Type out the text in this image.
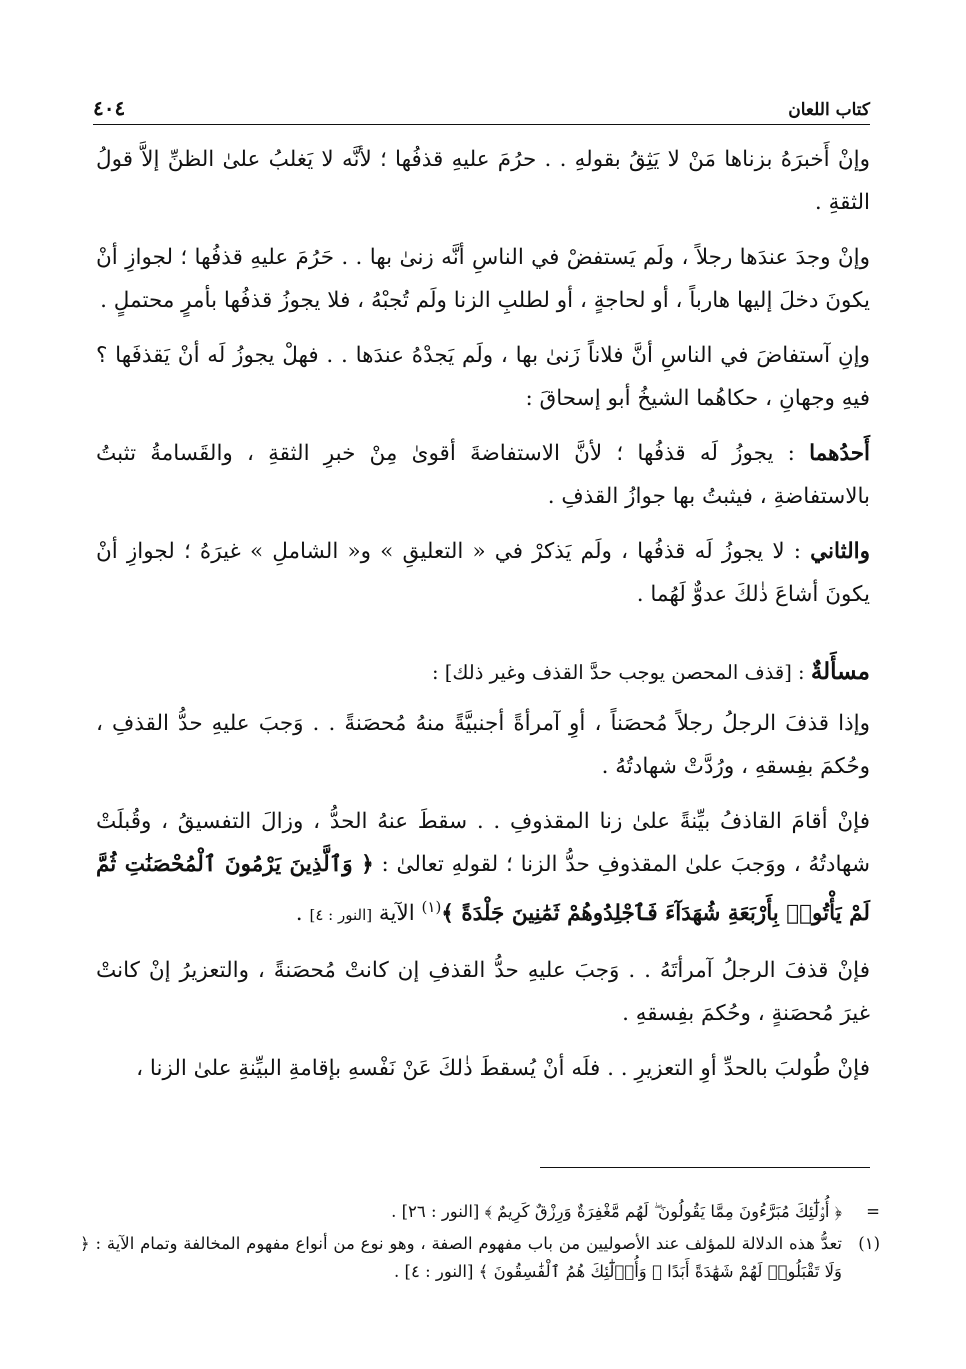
كتاب اللعان
٤٠٤

وإنْ أَخبرَهُ بزناها مَنْ لا يَثِقُ بقولهِ . . حرُمَ عليهِ قذفُها ؛ لأنَّه لا يَغلبُ علىٰ الظنِّ إلاَّ قولُ الثقةِ .

وإنْ وجدَ عندَها رجلاً ، ولَم يَستفضْ في الناسِ أنَّه زنىٰ بها . . حَرُمَ عليهِ قذفُها ؛ لجوازِ أنْ يكونَ دخلَ إليها هارباً ، أو لحاجةٍ ، أو لطلبِ الزنا ولَم تُجبْهُ ، فلا يجوزُ قذفُها بأمرٍ محتملٍ .

وإنِ آستفاضَ في الناسِ أنَّ فلاناً زَنىٰ بها ، ولَم يَجدْهُ عندَها . . فهلْ يجوزُ لَه أنْ يَقذفَها ؟ فيهِ وجهانِ ، حكاهُما الشيخُ أبو إسحاقَ :

أَحدُهما : يجوزُ لَه قذفُها ؛ لأنَّ الاستفاضةَ أقوىٰ مِنْ خبرِ الثقةِ ، والقَسامةُ تثبتُ بالاستفاضةِ ، فيثبتُ بها جوازُ القذفِ .

والثاني : لا يجوزُ لَه قذفُها ، ولَم يَذكرْ في « التعليقِ » و« الشاملِ » غيرَهُ ؛ لجوازِ أنْ يكونَ أشاعَ ذٰلكَ عدوٌّ لَهُما .

مسأَلةٌ : [قذف المحصن يوجب حدَّ القذف وغير ذلك] :

وإذا قذفَ الرجلُ رجلاً مُحصَناً ، أوِ آمرأةً أجنبيَّةً منهُ مُحصَنةً . . وَجبَ عليهِ حدُّ القذفِ ، وحُكمَ بفِسقهِ ، ورُدَّتْ شهادتُهُ .

فإنْ أقامَ القاذفُ بيِّنةً علىٰ زنا المقذوفِ . . سقطَ عنهُ الحدُّ ، وزالَ التفسيقُ ، وقُبلَتْ شهادتُهُ ، ووَجبَ علىٰ المقذوفِ حدُّ الزنا ؛ لقولهِ تعالىٰ : ﴿ وَٱلَّذِينَ يَرْمُونَ ٱلْمُحْصَنَٰتِ ثُمَّ لَمْ يَأْتُوا۟ بِأَرْبَعَةِ شُهَدَآءَ فَٱجْلِدُوهُمْ ثَمَٰنِينَ جَلْدَةً ﴾$^{(١)}$ الآية [النور : ٤] .

فإنْ قذفَ الرجلُ آمرأتَهُ . . وَجبَ عليهِ حدُّ القذفِ إن كانتْ مُحصَنةً ، والتعزيرُ إنْ كانتْ غيرَ مُحصَنةٍ ، وحُكمَ بفِسقهِ .

فإنْ طُولبَ بالحدِّ أوِ التعزيرِ . . فلَه أنْ يُسقطَ ذٰلكَ عَنْ نَفْسهِ بإقامةِ البيِّنةِ علىٰ الزنا ،

=
﴿ أُو۟لَٰٓئِكَ مُبَرَّءُونَ مِمَّا يَقُولُونَ ۖ لَهُم مَّغْفِرَةٌ وَرِزْقٌ كَرِيمٌ ﴾ [النور : ٢٦] .
(١)
تعدُّ هذه الدلالة للمؤلف عند الأصوليين من باب مفهوم الصفة ، وهو نوع من أنواع مفهوم المخالفة وتمام الآية : ﴿ وَلَا تَقْبَلُوا۟ لَهُمْ شَهَٰدَةً أَبَدًا ۚ وَأُو۟لَٰٓئِكَ هُمُ ٱلْفَٰسِقُونَ ﴾ [النور : ٤] .
